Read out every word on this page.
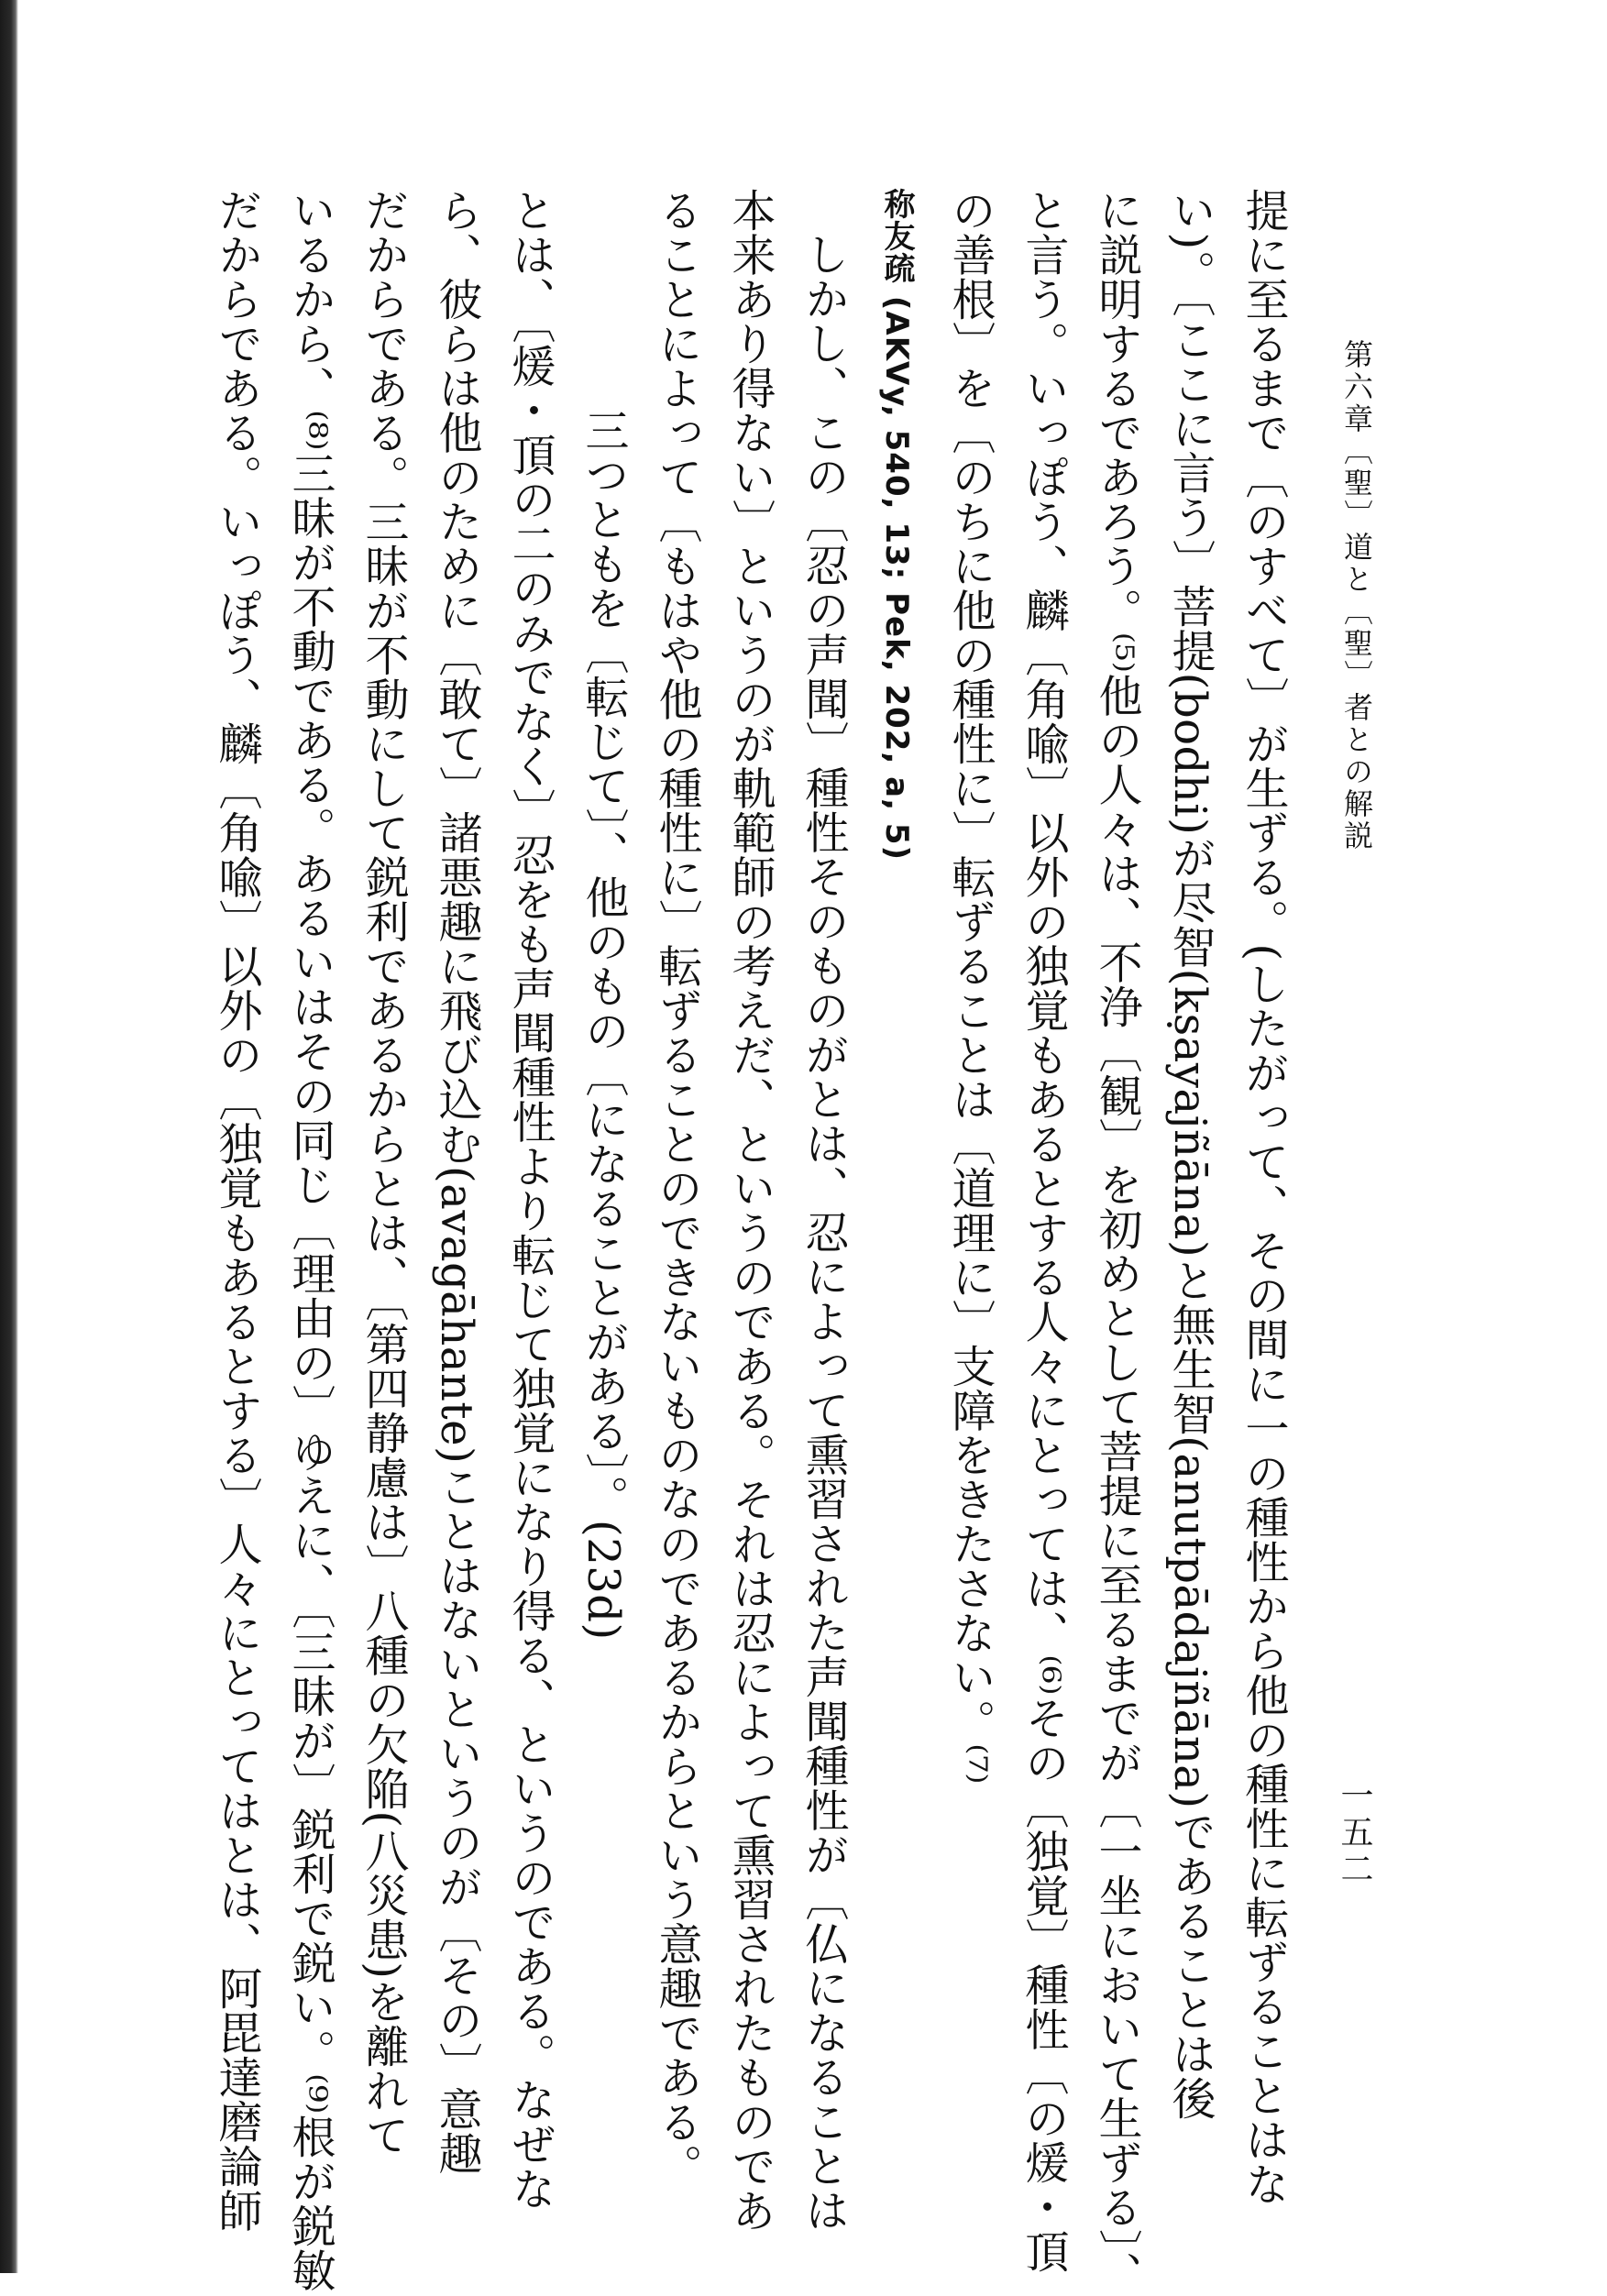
第六章〔聖〕道と〔聖〕者との解説
提に至るまで〔のすべて〕が生ずる。(したがって、その間に一の種性から他の種性に転ずることはな
い)。〔ここに言う〕菩提(bodhi)が尽智(kṣayajñāna)と無生智(anutpādajñāna)であることは後
に説明するであろう。⁽⁵⁾他の人々は、不浄〔観〕を初めとして菩提に至るまでが〔一坐において生ずる〕、
と言う。いっぽう、麟〔角喩〕以外の独覚もあるとする人々にとっては、⁽⁶⁾その〔独覚〕種性〔の煖・頂
の善根〕を〔のちに他の種性に〕転ずることは〔道理に〕支障をきたさない。⁽⁷⁾
称友疏 (AKVy, 540, 13; Pek, 202, a, 5)
しかし、この〔忍の声聞〕種性そのものがとは、忍によって熏習された声聞種性が〔仏になることは
本来あり得ない〕というのが軌範師の考えだ、というのである。それは忍によって熏習されたものであ
ることによって〔もはや他の種性に〕転ずることのできないものなのであるからという意趣である。
三つともを〔転じて〕、他のもの〔になることがある〕。(23d)
とは、〔煖・頂の二のみでなく〕忍をも声聞種性より転じて独覚になり得る、というのである。なぜな
ら、彼らは他のために〔敢て〕諸悪趣に飛び込む(avagāhante)ことはないというのが〔その〕意趣
だからである。三昧が不動にして鋭利であるからとは、〔第四静慮は〕八種の欠陥(八災患)を離れて
いるから、⁽⁸⁾三昧が不動である。あるいはその同じ〔理由の〕ゆえに、〔三昧が〕鋭利で鋭い。⁽⁹⁾根が鋭敏
だからである。いっぽう、麟〔角喩〕以外の〔独覚もあるとする〕人々にとってはとは、阿毘達磨論師	一五二
